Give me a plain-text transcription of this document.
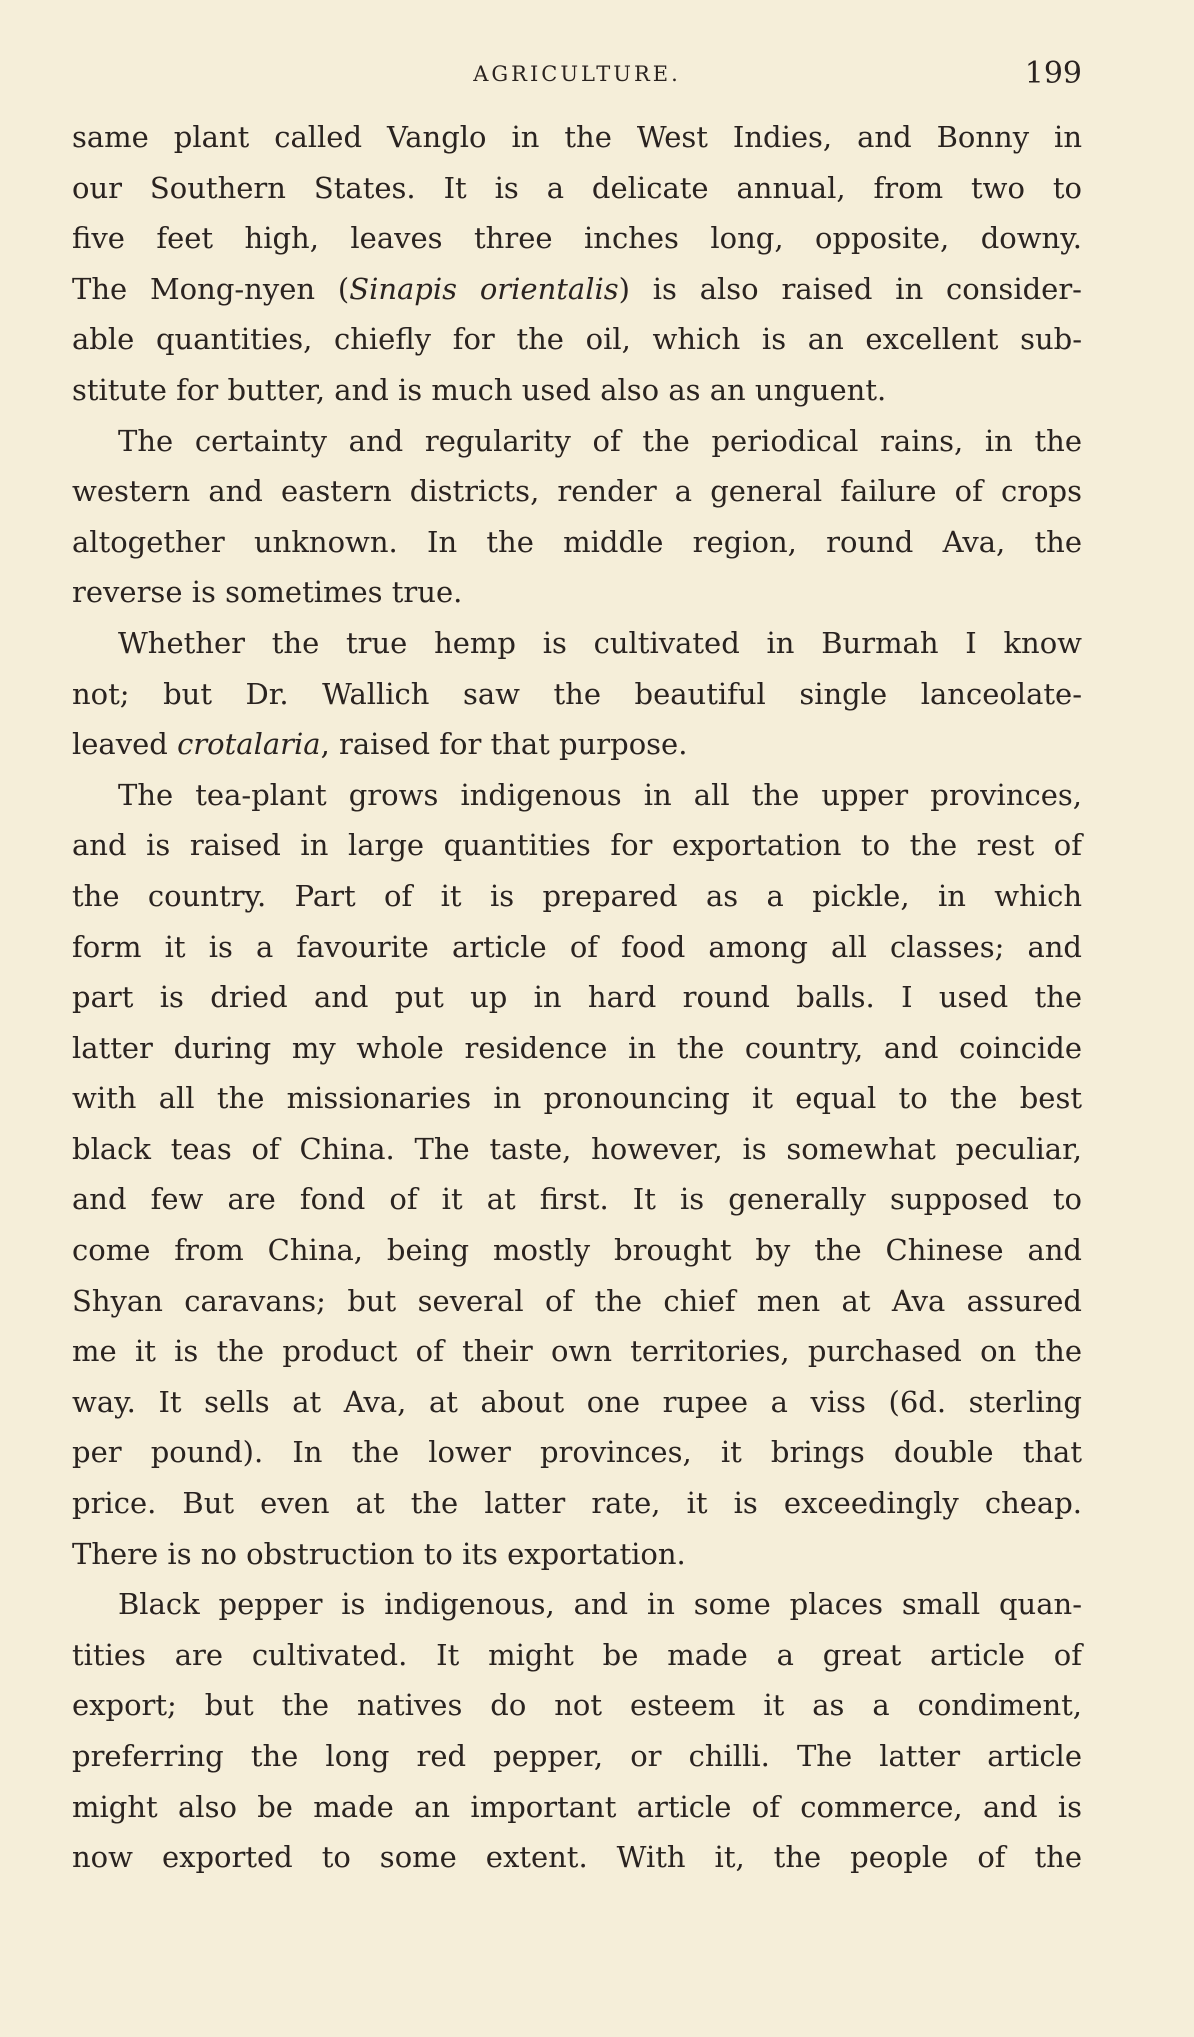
AGRICULTURE.	199
same plant called Vanglo in the West Indies, and Bonny in
our Southern States. It is a delicate annual, from two to
five feet high, leaves three inches long, opposite, downy.
The Mong-nyen (Sinapis orientalis) is also raised in consider-
able quantities, chiefly for the oil, which is an excellent sub-
stitute for butter, and is much used also as an unguent.
The certainty and regularity of the periodical rains, in the
western and eastern districts, render a general failure of crops
altogether unknown. In the middle region, round Ava, the
reverse is sometimes true.
Whether the true hemp is cultivated in Burmah I know
not; but Dr. Wallich saw the beautiful single lanceolate-
leaved crotalaria, raised for that purpose.
The tea-plant grows indigenous in all the upper provinces,
and is raised in large quantities for exportation to the rest of
the country. Part of it is prepared as a pickle, in which
form it is a favourite article of food among all classes; and
part is dried and put up in hard round balls. I used the
latter during my whole residence in the country, and coincide
with all the missionaries in pronouncing it equal to the best
black teas of China. The taste, however, is somewhat peculiar,
and few are fond of it at first. It is generally supposed to
come from China, being mostly brought by the Chinese and
Shyan caravans; but several of the chief men at Ava assured
me it is the product of their own territories, purchased on the
way. It sells at Ava, at about one rupee a viss (6d. sterling
per pound). In the lower provinces, it brings double that
price. But even at the latter rate, it is exceedingly cheap.
There is no obstruction to its exportation.
Black pepper is indigenous, and in some places small quan-
tities are cultivated. It might be made a great article of
export; but the natives do not esteem it as a condiment,
preferring the long red pepper, or chilli. The latter article
might also be made an important article of commerce, and is
now exported to some extent. With it, the people of the
